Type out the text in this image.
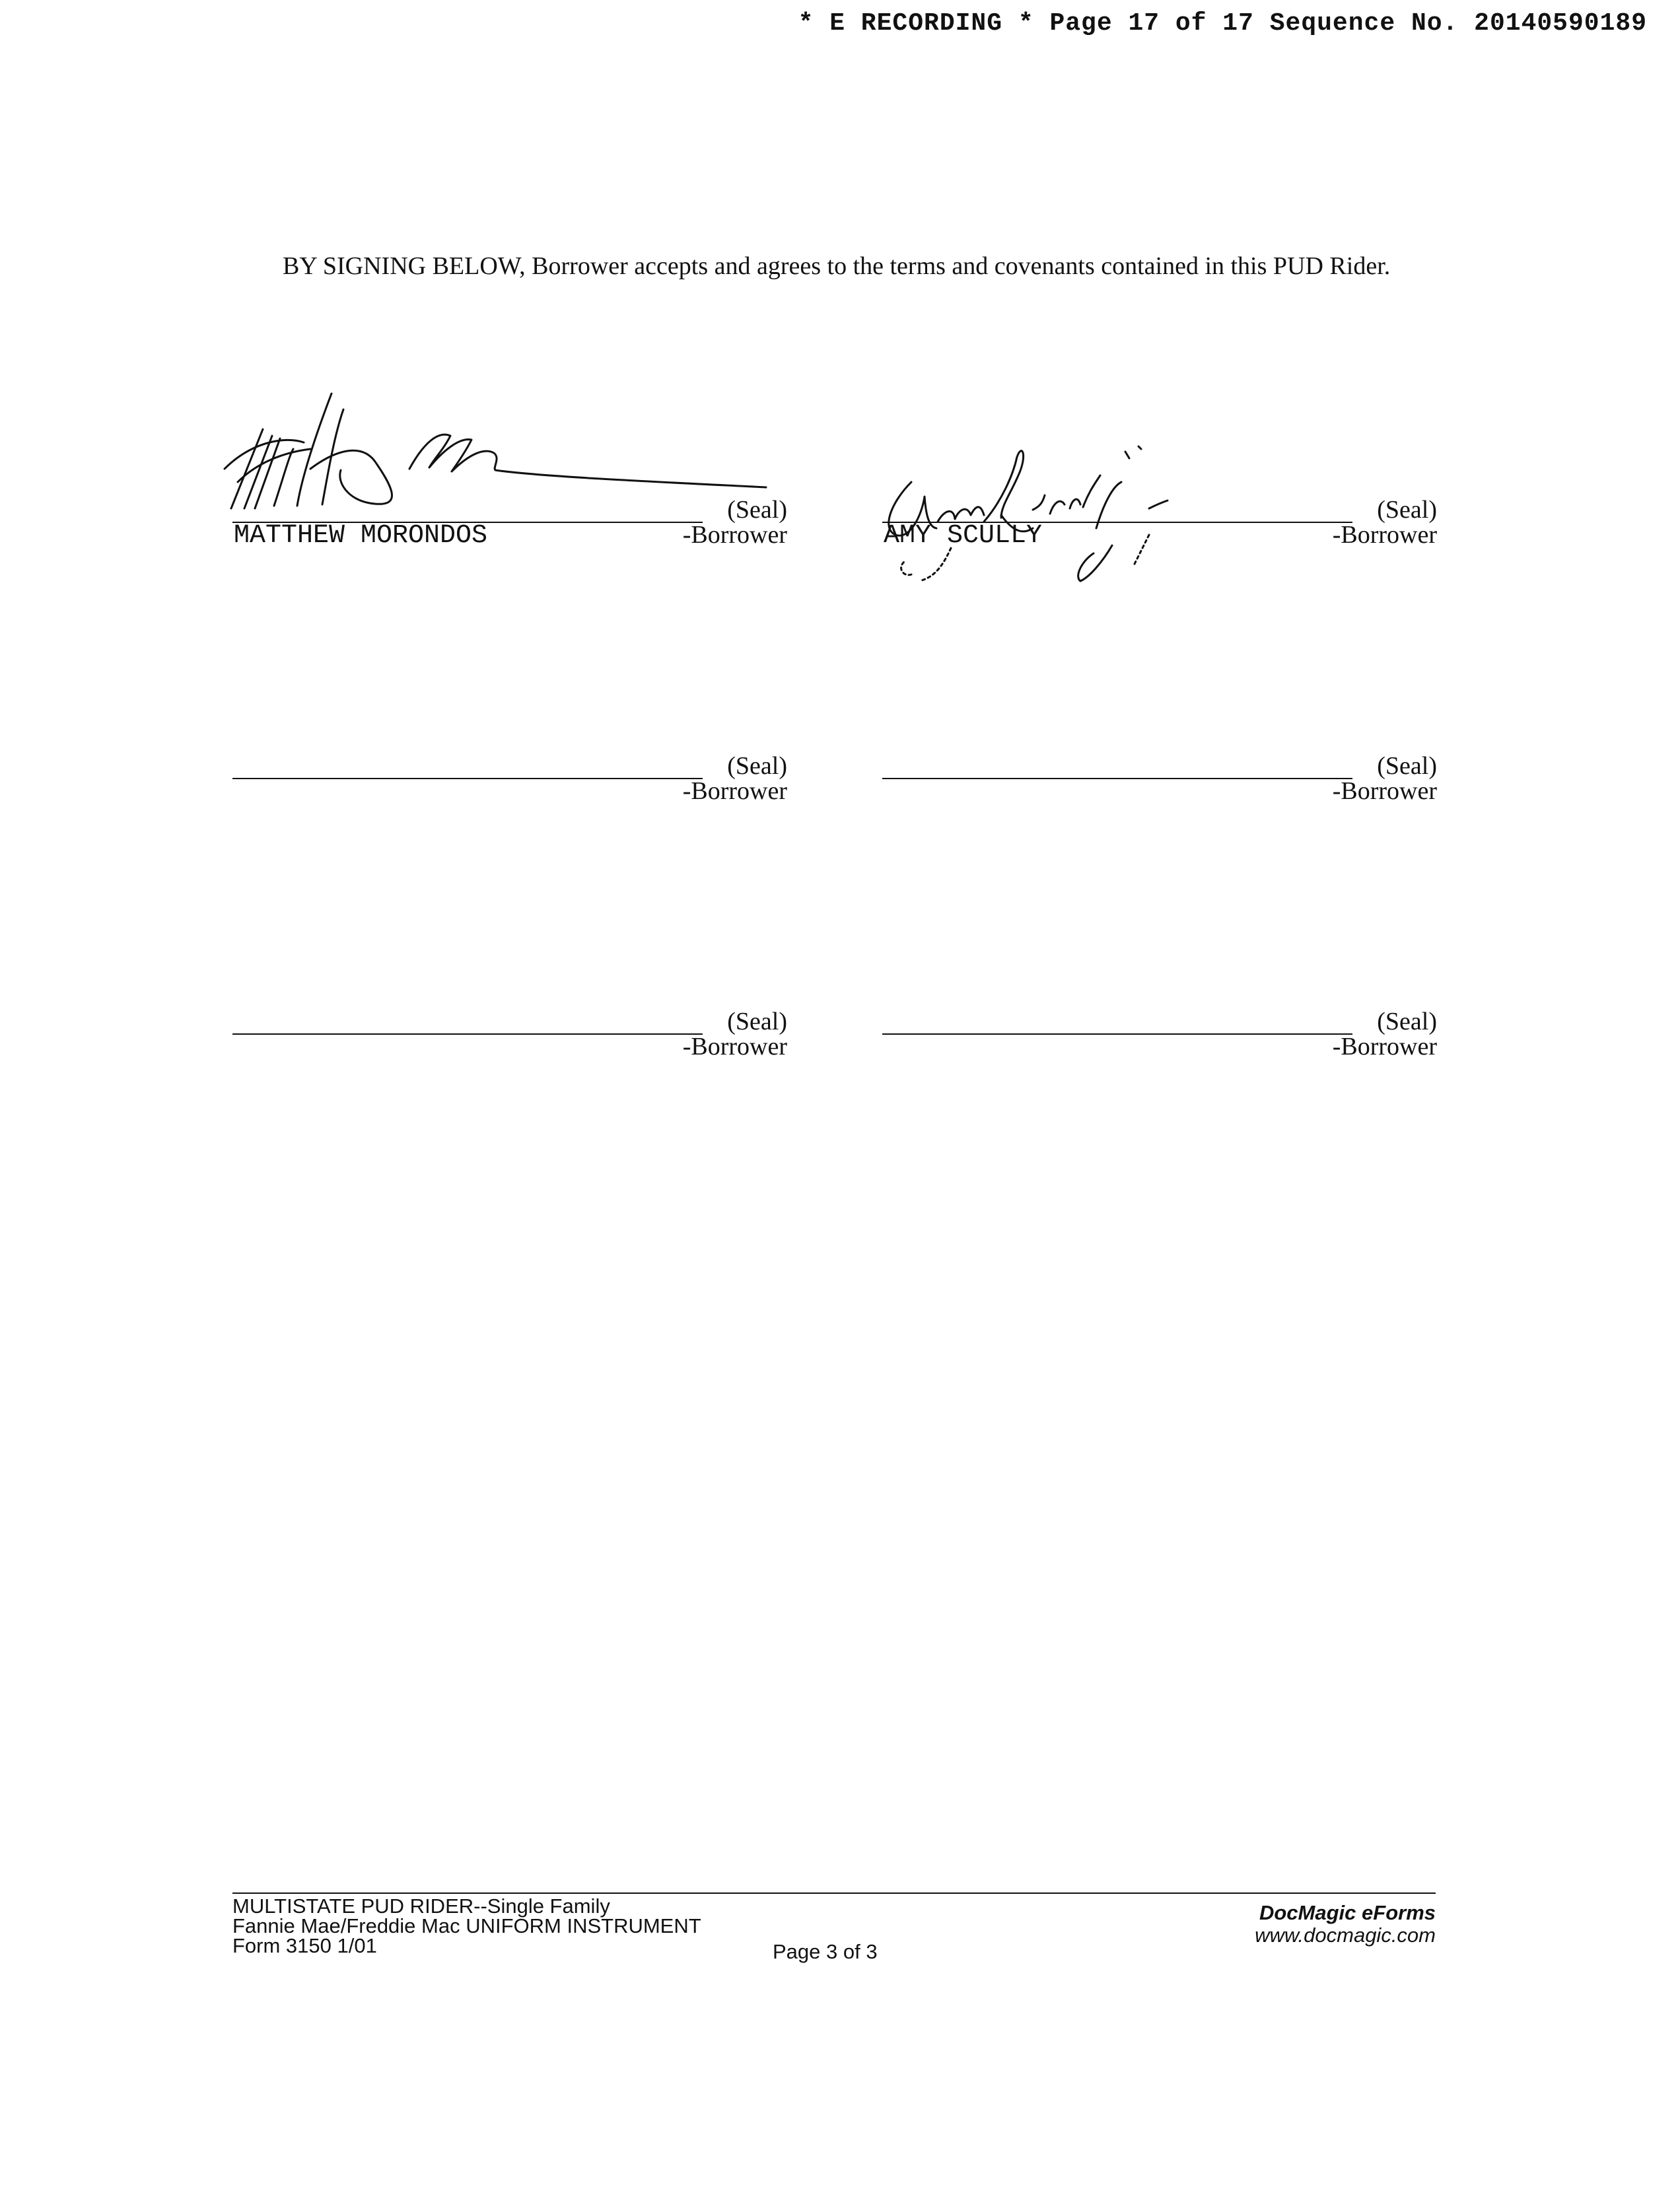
* E RECORDING * Page 17 of 17 Sequence No. 20140590189
BY SIGNING BELOW, Borrower accepts and agrees to the terms and covenants contained in this PUD Rider.
(Seal)
-Borrower
MATTHEW MORONDOS
(Seal)
-Borrower
AMY SCULLY
(Seal)
-Borrower
(Seal)
-Borrower
(Seal)
-Borrower
(Seal)
-Borrower
MULTISTATE PUD RIDER--Single Family
Fannie Mae/Freddie Mac UNIFORM INSTRUMENT
Form 3150 1/01	Page 3 of 3
DocMagic eForms
www.docmagic.com
